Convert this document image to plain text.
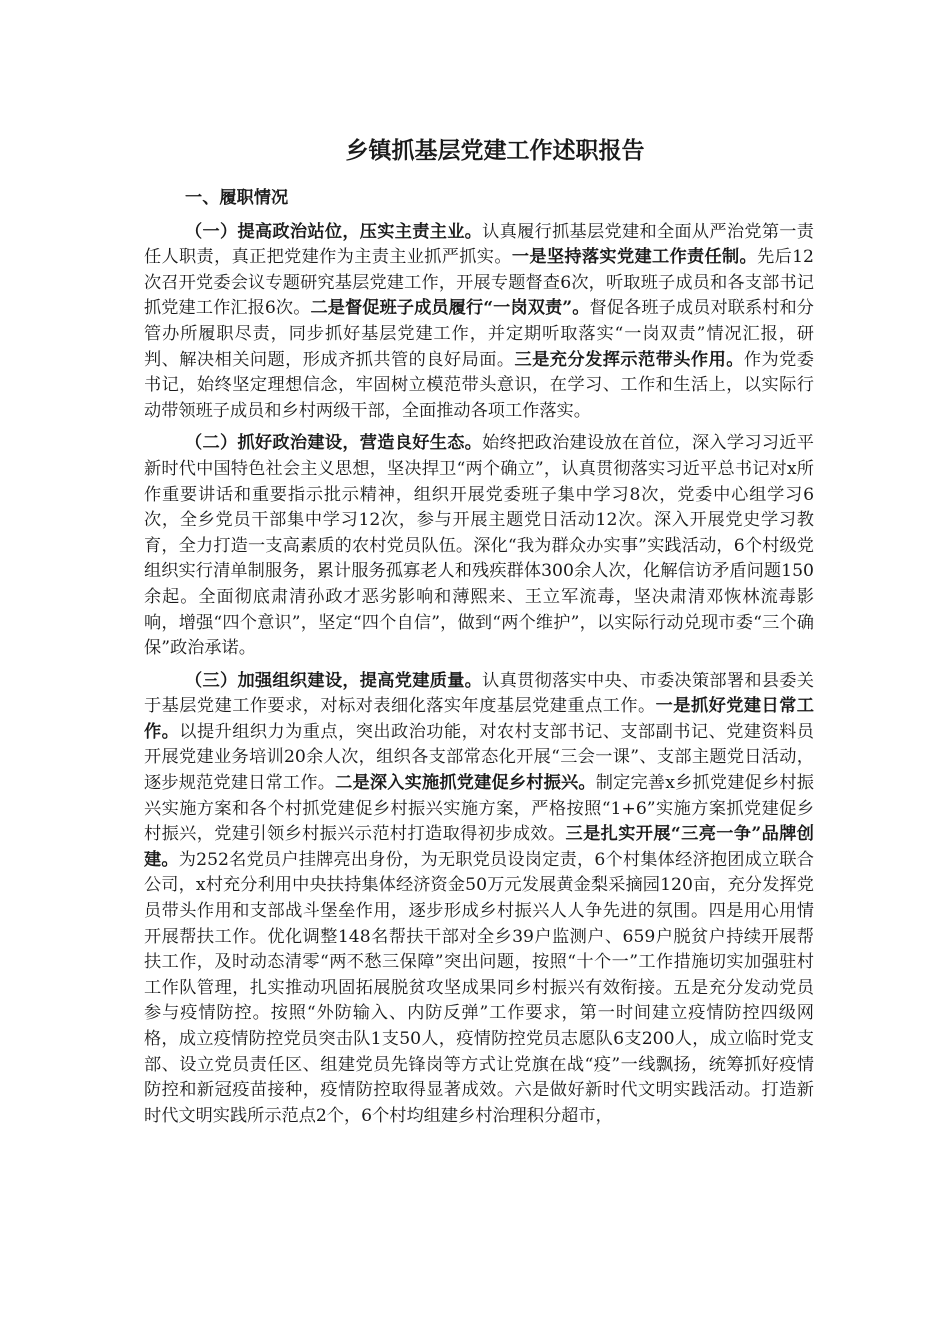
乡镇抓基层党建工作述职报告

一、履职情况

（一）提高政治站位，压实主责主业。认真履行抓基层党建和全面从严治党第一责任人职责，真正把党建作为主责主业抓严抓实。一是坚持落实党建工作责任制。先后12次召开党委会议专题研究基层党建工作，开展专题督查6次，听取班子成员和各支部书记抓党建工作汇报6次。二是督促班子成员履行“一岗双责”。督促各班子成员对联系村和分管办所履职尽责，同步抓好基层党建工作，并定期听取落实“一岗双责”情况汇报，研判、解决相关问题，形成齐抓共管的良好局面。三是充分发挥示范带头作用。作为党委书记，始终坚定理想信念，牢固树立模范带头意识，在学习、工作和生活上，以实际行动带领班子成员和乡村两级干部，全面推动各项工作落实。

（二）抓好政治建设，营造良好生态。始终把政治建设放在首位，深入学习习近平新时代中国特色社会主义思想，坚决捍卫“两个确立”，认真贯彻落实习近平总书记对x所作重要讲话和重要指示批示精神，组织开展党委班子集中学习8次，党委中心组学习6次，全乡党员干部集中学习12次，参与开展主题党日活动12次。深入开展党史学习教育，全力打造一支高素质的农村党员队伍。深化“我为群众办实事”实践活动，6个村级党组织实行清单制服务，累计服务孤寡老人和残疾群体300余人次，化解信访矛盾问题150余起。全面彻底肃清孙政才恶劣影响和薄熙来、王立军流毒，坚决肃清邓恢林流毒影响，增强“四个意识”，坚定“四个自信”，做到“两个维护”，以实际行动兑现市委“三个确保”政治承诺。

（三）加强组织建设，提高党建质量。认真贯彻落实中央、市委决策部署和县委关于基层党建工作要求，对标对表细化落实年度基层党建重点工作。一是抓好党建日常工作。以提升组织力为重点，突出政治功能，对农村支部书记、支部副书记、党建资料员开展党建业务培训20余人次，组织各支部常态化开展“三会一课”、支部主题党日活动，逐步规范党建日常工作。二是深入实施抓党建促乡村振兴。制定完善x乡抓党建促乡村振兴实施方案和各个村抓党建促乡村振兴实施方案，严格按照“1+6”实施方案抓党建促乡村振兴，党建引领乡村振兴示范村打造取得初步成效。三是扎实开展“三亮一争”品牌创建。为252名党员户挂牌亮出身份，为无职党员设岗定责，6个村集体经济抱团成立联合公司，x村充分利用中央扶持集体经济资金50万元发展黄金梨采摘园120亩，充分发挥党员带头作用和支部战斗堡垒作用，逐步形成乡村振兴人人争先进的氛围。四是用心用情开展帮扶工作。优化调整148名帮扶干部对全乡39户监测户、659户脱贫户持续开展帮扶工作，及时动态清零“两不愁三保障”突出问题，按照“十个一”工作措施切实加强驻村工作队管理，扎实推动巩固拓展脱贫攻坚成果同乡村振兴有效衔接。五是充分发动党员参与疫情防控。按照“外防输入、内防反弹”工作要求，第一时间建立疫情防控四级网格，成立疫情防控党员突击队1支50人，疫情防控党员志愿队6支200人，成立临时党支部、设立党员责任区、组建党员先锋岗等方式让党旗在战“疫”一线飘扬，统筹抓好疫情防控和新冠疫苗接种，疫情防控取得显著成效。六是做好新时代文明实践活动。打造新时代文明实践所示范点2个，6个村均组建乡村治理积分超市，
